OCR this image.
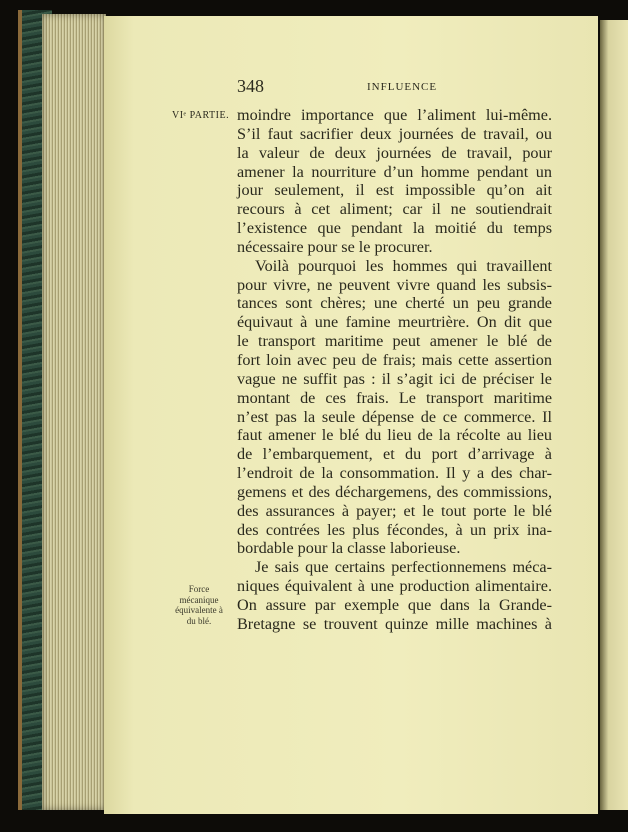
348	INFLUENCE
VIᵉ PARTIE. moindre importance que l’aliment lui-même.
S’il faut sacrifier deux journées de travail, ou
la valeur de deux journées de travail, pour
amener la nourriture d’un homme pendant un
jour seulement, il est impossible qu’on ait
recours à cet aliment; car il ne soutiendrait
l’existence que pendant la moitié du temps
nécessaire pour se le procurer.
Voilà pourquoi les hommes qui travaillent
pour vivre, ne peuvent vivre quand les subsis-
tances sont chères; une cherté un peu grande
équivaut à une famine meurtrière. On dit que
le transport maritime peut amener le blé de
fort loin avec peu de frais; mais cette assertion
vague ne suffit pas : il s’agit ici de préciser le
montant de ces frais. Le transport maritime
n’est pas la seule dépense de ce commerce. Il
faut amener le blé du lieu de la récolte au lieu
de l’embarquement, et du port d’arrivage à
l’endroit de la consommation. Il y a des char-
gemens et des déchargemens, des commissions,
des assurances à payer; et le tout porte le blé
des contrées les plus fécondes, à un prix ina-
bordable pour la classe laborieuse.
Je sais que certains perfectionnemens méca-
niques équivalent à une production alimentaire.
On assure par exemple que dans la Grande-
Bretagne se trouvent quinze mille machines à
Force
mécanique
équivalente à
du blé.
